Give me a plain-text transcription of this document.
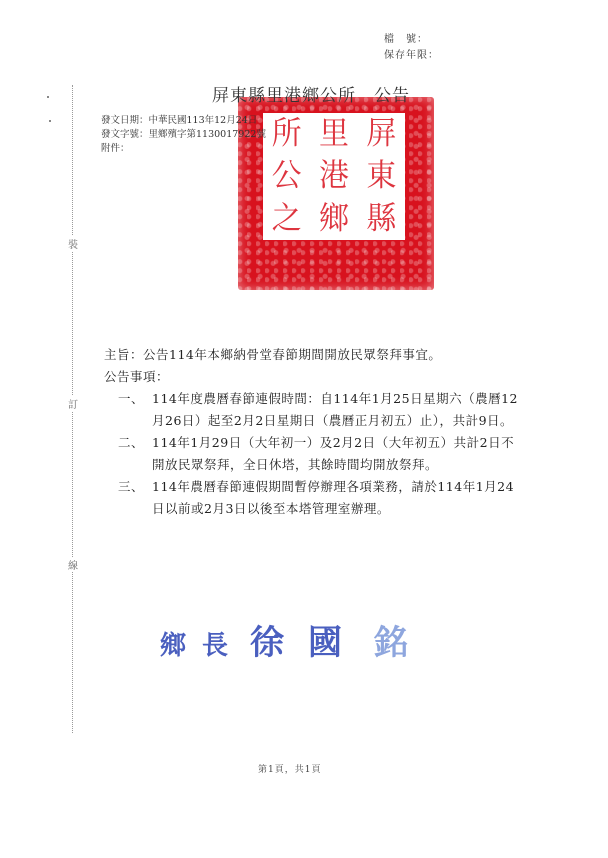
檔　號：
保存年限：
裝
訂
線
屏東縣里港鄉公所　公告
發文日期：中華民國113年12月24日
發文字號：里鄉殯字第1130017922號
附件：	所 里 屏
公 港 東
之 鄉 縣
主旨：公告114年本鄉納骨堂春節期間開放民眾祭拜事宜。
公告事項：
一、 114年度農曆春節連假時間：自114年1月25日星期六（農曆12月26日）起至2月2日星期日（農曆正月初五）止），共計9日。
二、 114年1月29日（大年初一）及2月2日（大年初五）共計2日不開放民眾祭拜，全日休塔，其餘時間均開放祭拜。
三、 114年農曆春節連假期間暫停辦理各項業務，請於114年1月24日以前或2月3日以後至本塔管理室辦理。
鄉 長 徐 國 銘
第1頁，共1頁
